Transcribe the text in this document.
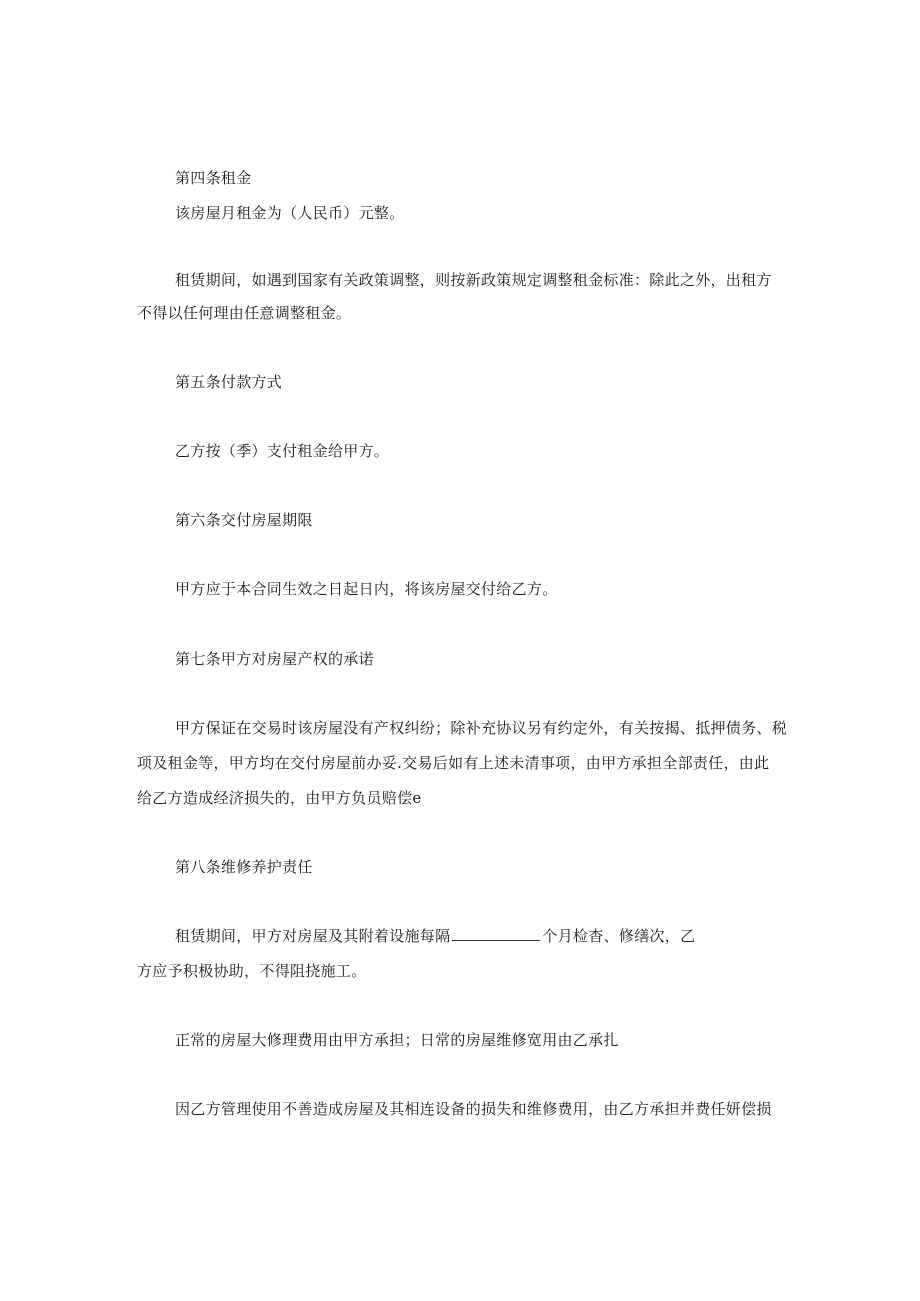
第四条租金
该房屋月租金为（人民币）元整。
租赁期间，如遇到国家有关政策调整，则按新政策规定调整租金标准：除此之外，出租方
不得以任何理由任意调整租金。
第五条付款方式
乙方按（季）支付租金给甲方。
第六条交付房屋期限
甲方应于本合同生效之日起日内，将该房屋交付给乙方。
第七条甲方对房屋产权的承诺
甲方保证在交易时该房屋没有产权纠纷；除补充协议另有约定外，有关按揭、抵押债务、税
项及租金等，甲方均在交付房屋前办妥.交易后如有上述未清事项，由甲方承担全部责任，由此
给乙方造成经济损失的，由甲方负员赔偿e
第八条维修养护责任
租赁期间，甲方对房屋及其附着设施每隔	个月检杳、修缮次，乙
方应予积极协助，不得阻挠施工。
正常的房屋大修理费用由甲方承担；日常的房屋维修宽用由乙承扎
因乙方管理使用不善造成房屋及其相连设备的损失和维修费用，由乙方承担并费任妍偿损
